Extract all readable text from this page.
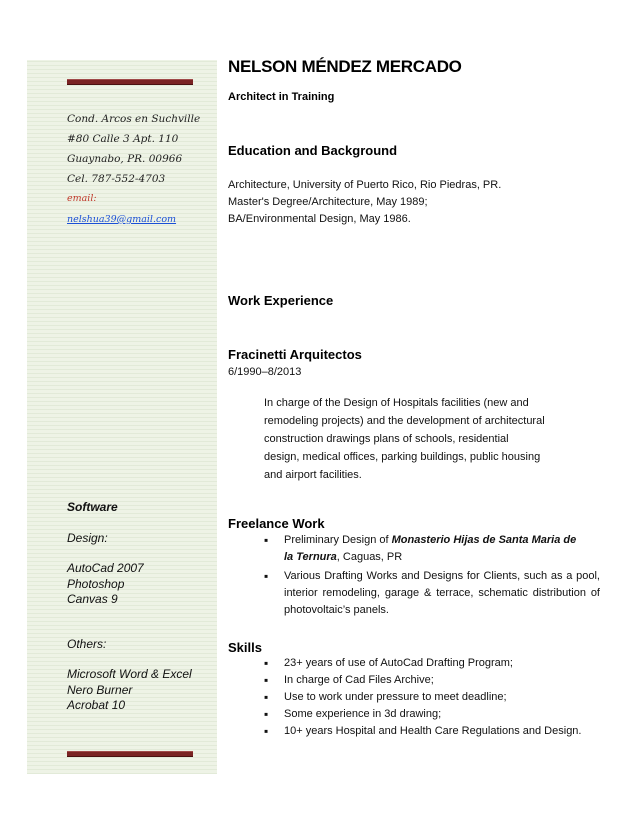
Cond. Arcos en Suchville
#80 Calle 3 Apt. 110
Guaynabo, PR. 00966
Cel. 787-552-4703
email:
nelshua39@gmail.com
Software
Design:
AutoCad 2007
Photoshop
Canvas 9
Others:
Microsoft Word & Excel
Nero Burner
Acrobat 10
NELSON MÉNDEZ MERCADO
Architect in Training
Education and Background
Architecture, University of Puerto Rico, Rio Piedras, PR.
Master's Degree/Architecture, May 1989;
BA/Environmental Design, May 1986.
Work Experience
Fracinetti Arquitectos
6/1990–8/2013
In charge of the Design of Hospitals facilities (new and
remodeling projects) and the development of architectural
construction drawings plans of schools, residential
design, medical offices, parking buildings, public housing
and airport facilities.
Freelance Work
▪ Preliminary Design of Monasterio Hijas de Santa Maria de la Ternura, Caguas, PR
▪ Various Drafting Works and Designs for Clients, such as a pool, interior remodeling, garage & terrace, schematic distribution of photovoltaic’s panels.
Skills
▪ 23+ years of use of AutoCad Drafting Program;
▪ In charge of Cad Files Archive;
▪ Use to work under pressure to meet deadline;
▪ Some experience in 3d drawing;
▪ 10+ years Hospital and Health Care Regulations and Design.
